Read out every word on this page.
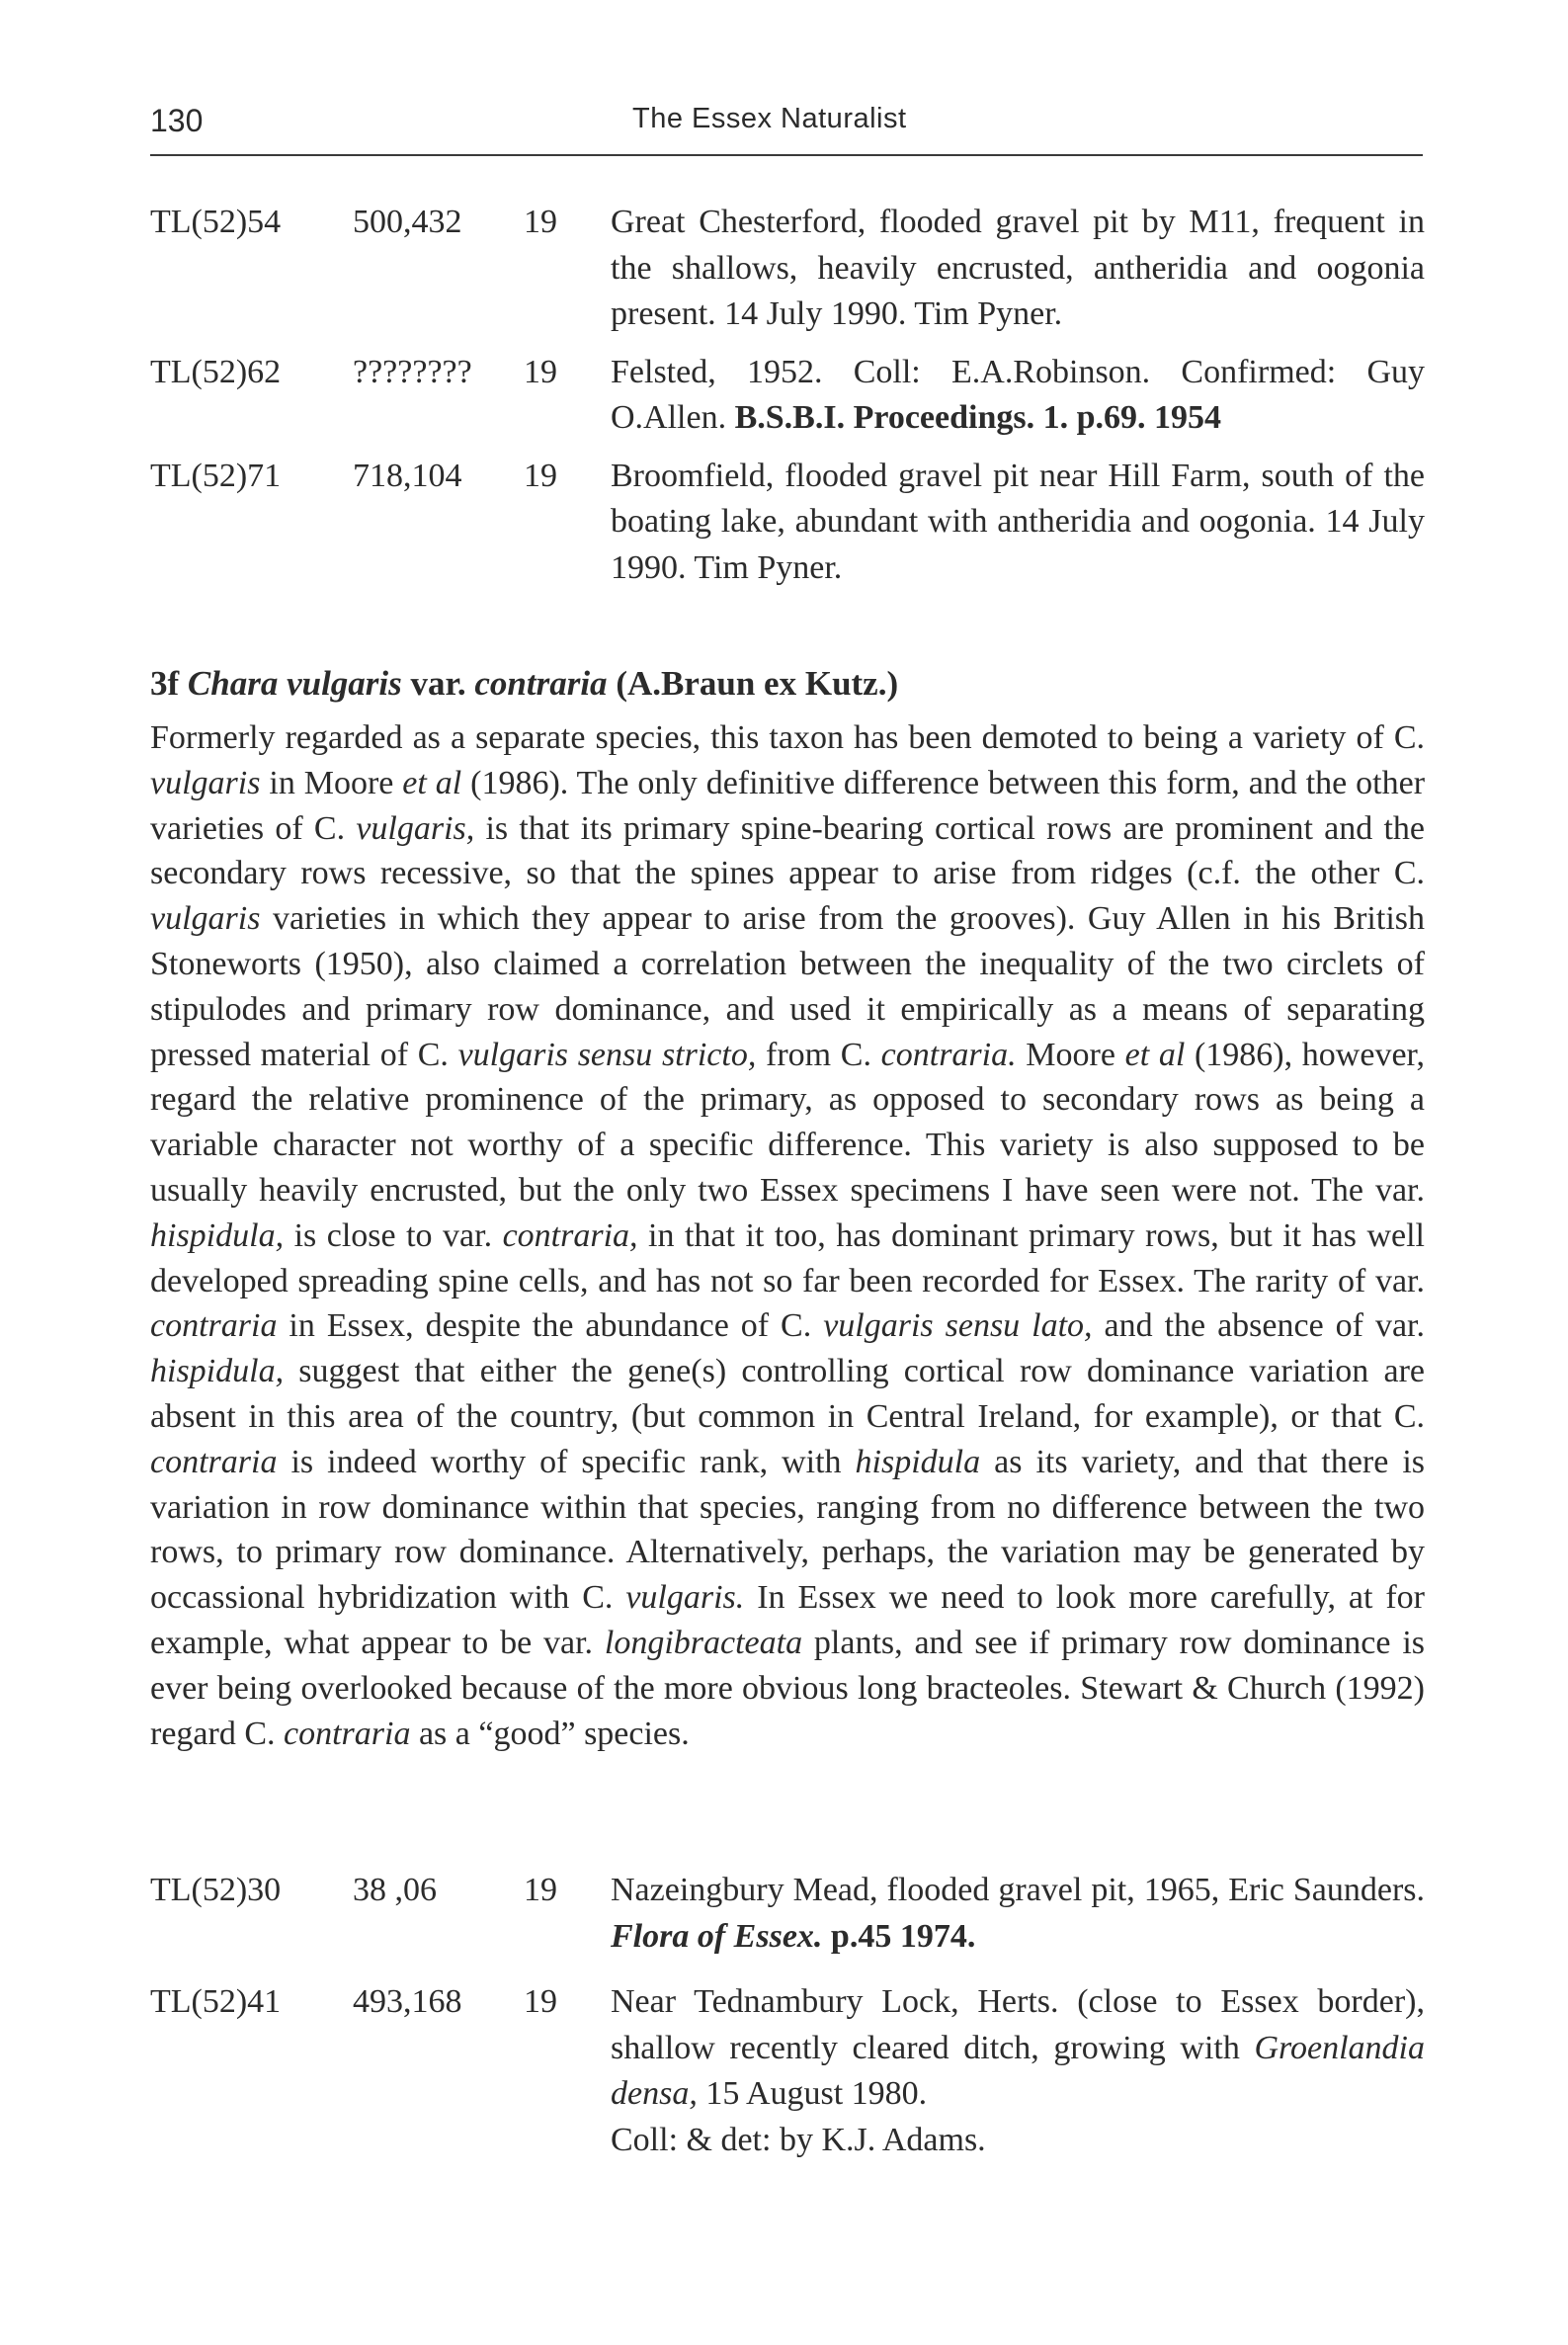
130	The Essex Naturalist
TL(52)54 500,432 19 Great Chesterford, flooded gravel pit by M11, frequent in the shallows, heavily encrusted, antheridia and oogonia present. 14 July 1990. Tim Pyner.
TL(52)62 ???????? 19 Felsted, 1952. Coll: E.A.Robinson. Confirmed: Guy O.Allen. B.S.B.I. Proceedings. 1. p.69. 1954
TL(52)71 718,104 19 Broomfield, flooded gravel pit near Hill Farm, south of the boating lake, abundant with antheridia and oogonia. 14 July 1990. Tim Pyner.
3f Chara vulgaris var. contraria (A.Braun ex Kutz.)
Formerly regarded as a separate species, this taxon has been demoted to being a variety of C. vulgaris in Moore et al (1986). The only definitive difference between this form, and the other varieties of C. vulgaris, is that its primary spine-bearing cortical rows are prominent and the secondary rows recessive, so that the spines appear to arise from ridges (c.f. the other C. vulgaris varieties in which they appear to arise from the grooves). Guy Allen in his British Stoneworts (1950), also claimed a correlation between the inequality of the two circlets of stipulodes and primary row dominance, and used it empirically as a means of separating pressed material of C. vulgaris sensu stricto, from C. contraria. Moore et al (1986), however, regard the relative prominence of the primary, as opposed to secondary rows as being a variable character not worthy of a specific difference. This variety is also supposed to be usually heavily encrusted, but the only two Essex specimens I have seen were not. The var. hispidula, is close to var. contraria, in that it too, has dominant primary rows, but it has well developed spreading spine cells, and has not so far been recorded for Essex. The rarity of var. contraria in Essex, despite the abundance of C. vulgaris sensu lato, and the absence of var. hispidula, suggest that either the gene(s) controlling cortical row dominance variation are absent in this area of the country, (but common in Central Ireland, for example), or that C. contraria is indeed worthy of specific rank, with hispidula as its variety, and that there is variation in row dominance within that species, ranging from no difference between the two rows, to primary row dominance. Alternatively, perhaps, the variation may be generated by occassional hybridization with C. vulgaris. In Essex we need to look more carefully, at for example, what appear to be var. longibracteata plants, and see if primary row dominance is ever being overlooked because of the more obvious long bracteoles. Stewart & Church (1992) regard C. contraria as a “good” species.
TL(52)30 38 ,06	19 Nazeingbury Mead, flooded gravel pit, 1965, Eric Saunders. Flora of Essex. p.45 1974.
TL(52)41 493,168 19 Near Tednambury Lock, Herts. (close to Essex border), shallow recently cleared ditch, growing with Groenlandia densa, 15 August 1980.
Coll: & det: by K.J. Adams.
